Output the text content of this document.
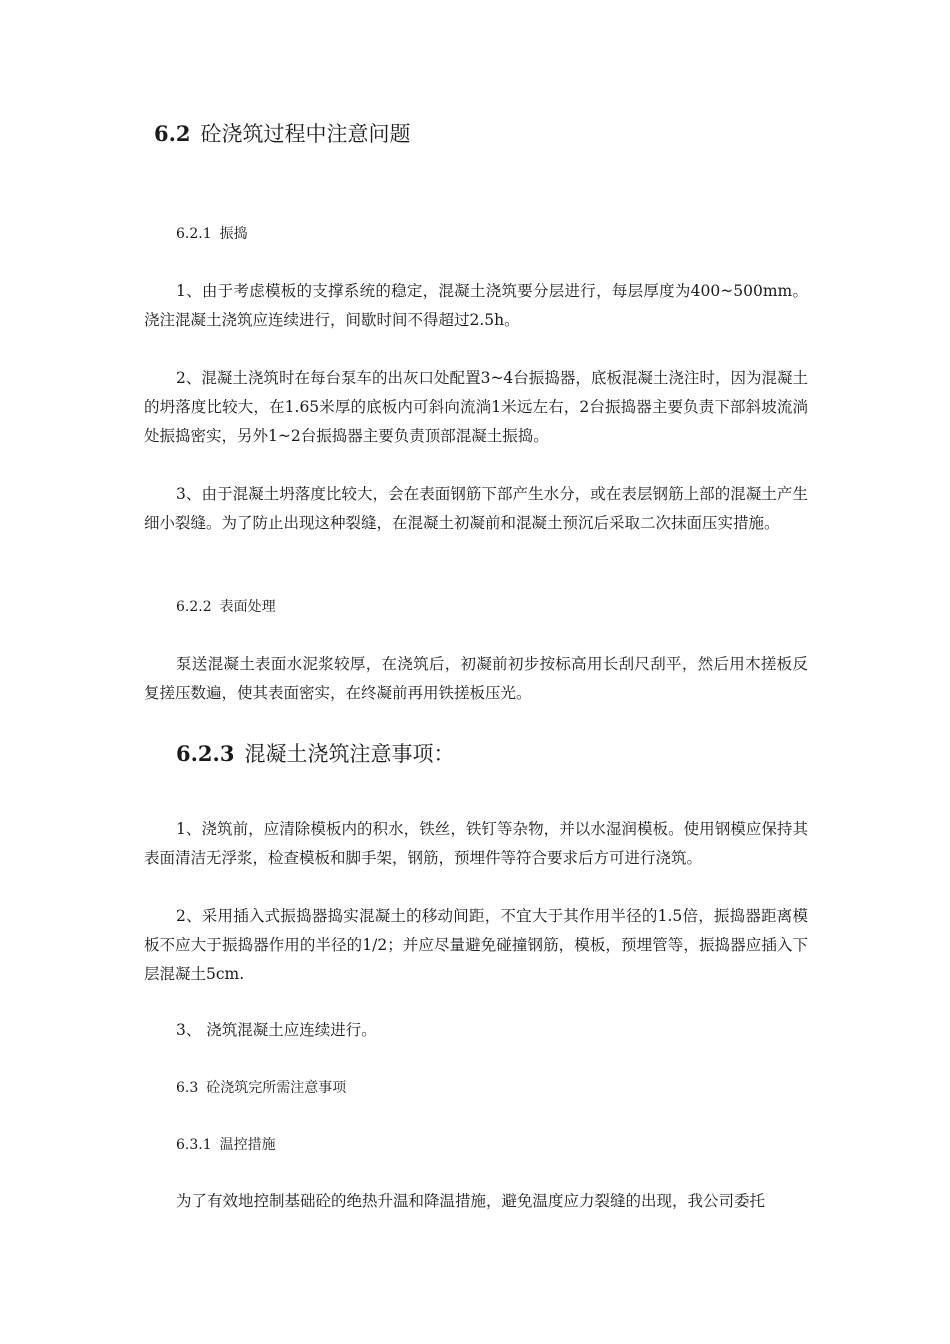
6.2 砼浇筑过程中注意问题
6.2.1 振捣

1、由于考虑模板的支撑系统的稳定，混凝土浇筑要分层进行，每层厚度为400~500mm。浇注混凝土浇筑应连续进行，间歇时间不得超过2.5h。

2、混凝土浇筑时在每台泵车的出灰口处配置3~4台振捣器，底板混凝土浇注时，因为混凝土的坍落度比较大，在1.65米厚的底板内可斜向流淌1米远左右，2台振捣器主要负责下部斜坡流淌处振捣密实，另外1~2台振捣器主要负责顶部混凝土振捣。

3、由于混凝土坍落度比较大，会在表面钢筋下部产生水分，或在表层钢筋上部的混凝土产生细小裂缝。为了防止出现这种裂缝，在混凝土初凝前和混凝土预沉后采取二次抹面压实措施。

6.2.2 表面处理

泵送混凝土表面水泥浆较厚，在浇筑后，初凝前初步按标高用长刮尺刮平，然后用木搓板反复搓压数遍，使其表面密实，在终凝前再用铁搓板压光。

6.2.3 混凝土浇筑注意事项：

1、浇筑前，应清除模板内的积水，铁丝，铁钉等杂物，并以水湿润模板。使用钢模应保持其表面清洁无浮浆，检查模板和脚手架，钢筋，预埋件等符合要求后方可进行浇筑。

2、采用插入式振捣器捣实混凝土的移动间距，不宜大于其作用半径的1.5倍，振捣器距离模板不应大于振捣器作用的半径的1/2；并应尽量避免碰撞钢筋，模板，预埋管等，振捣器应插入下层混凝土5cm.

3、 浇筑混凝土应连续进行。

6.3 砼浇筑完所需注意事项
6.3.1 温控措施

为了有效地控制基础砼的绝热升温和降温措施，避免温度应力裂缝的出现，我公司委托
